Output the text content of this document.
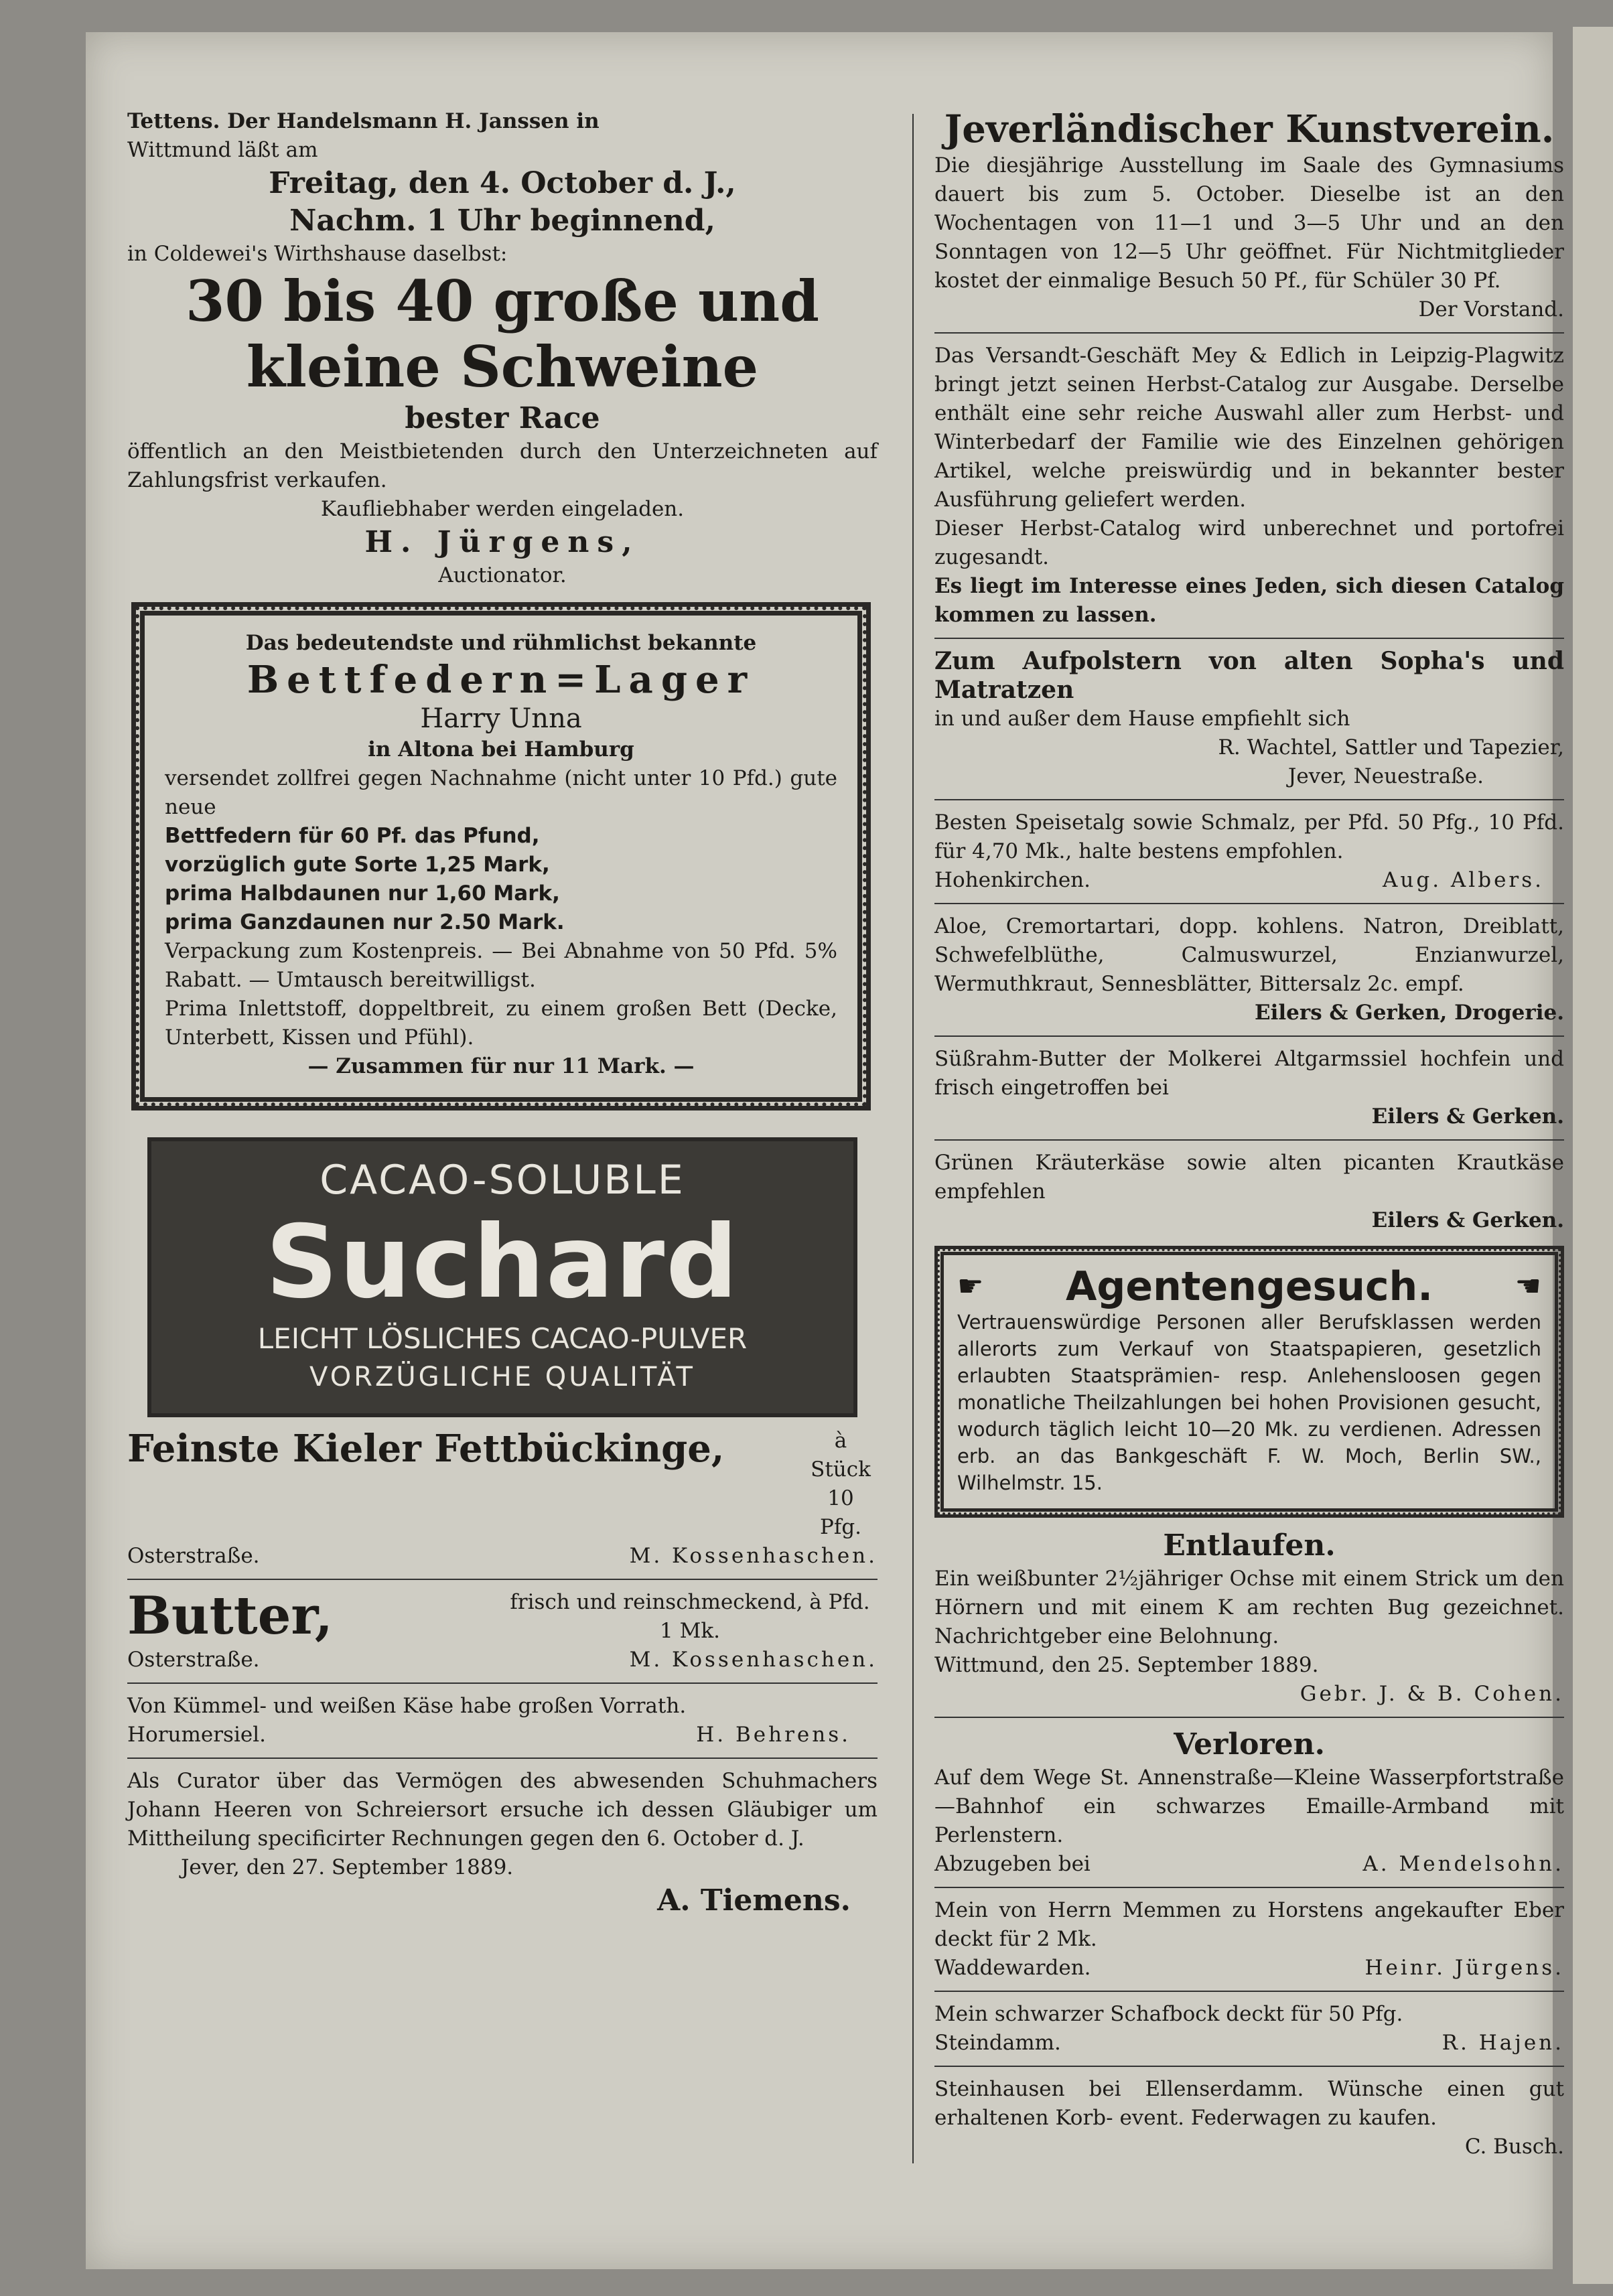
Tettens. Der Handelsmann H. Janssen in

Wittmund läßt am

Freitag, den 4. October d. J.,

Nachm. 1 Uhr beginnend,

in Coldewei's Wirthshause daselbst:

30 bis 40 große und

kleine Schweine

bester Race

öffentlich an den Meistbietenden durch den Unterzeichneten auf Zahlungsfrist verkaufen.

Kaufliebhaber werden eingeladen.

H. Jürgens,

Auctionator.

Das bedeutendste und rühmlichst bekannte

Bettfedern=Lager

Harry Unna

in Altona bei Hamburg

versendet zollfrei gegen Nachnahme (nicht unter 10 Pfd.) gute neue

Bettfedern für 60 Pf. das Pfund,

vorzüglich gute Sorte 1,25 Mark,

prima Halbdaunen nur 1,60 Mark,

prima Ganzdaunen nur 2.50 Mark.

Verpackung zum Kostenpreis. — Bei Abnahme von 50 Pfd. 5% Rabatt. — Umtausch bereitwilligst.

Prima Inlettstoff, doppeltbreit, zu einem großen Bett (Decke, Unterbett, Kissen und Pfühl).

— Zusammen für nur 11 Mark. —

CACAO-SOLUBLE
Suchard
LEICHT LÖSLICHES CACAO-PULVER
VORZÜGLICHE QUALITÄT
Feinste Kieler Fettbückinge,	à Stück 10 Pfg.
Osterstraße.	M. Kossenhaschen.
Butter,	frisch und reinschmeckend, à Pfd. 1 Mk.
Osterstraße.	M. Kossenhaschen.

Von Kümmel- und weißen Käse habe großen Vorrath.

Horumersiel.	H. Behrens.

Als Curator über das Vermögen des abwesenden Schuhmachers Johann Heeren von Schreiersort ersuche ich dessen Gläubiger um Mittheilung specificirter Rechnungen gegen den 6. October d. J.

Jever, den 27. September 1889.

A. Tiemens.

Jeverländischer Kunstverein.

Die diesjährige Ausstellung im Saale des Gymnasiums dauert bis zum 5. October. Dieselbe ist an den Wochentagen von 11—1 und 3—5 Uhr und an den Sonntagen von 12—5 Uhr geöffnet. Für Nichtmitglieder kostet der einmalige Besuch 50 Pf., für Schüler 30 Pf.

Der Vorstand.

Das Versandt-Geschäft Mey & Edlich in Leipzig-Plagwitz bringt jetzt seinen Herbst-Catalog zur Ausgabe. Derselbe enthält eine sehr reiche Auswahl aller zum Herbst- und Winterbedarf der Familie wie des Einzelnen gehörigen Artikel, welche preiswürdig und in bekannter bester Ausführung geliefert werden.

Dieser Herbst-Catalog wird unberechnet und portofrei zugesandt.

Es liegt im Interesse eines Jeden, sich diesen Catalog kommen zu lassen.

Zum Aufpolstern von alten Sopha's und Matratzen

in und außer dem Hause empfiehlt sich

R. Wachtel, Sattler und Tapezier,

Jever, Neuestraße.

Besten Speisetalg sowie Schmalz, per Pfd. 50 Pfg., 10 Pfd. für 4,70 Mk., halte bestens empfohlen.

Hohenkirchen.	Aug. Albers.

Aloe, Cremortartari, dopp. kohlens. Natron, Dreiblatt, Schwefelblüthe, Calmuswurzel, Enzianwurzel, Wermuthkraut, Sennesblätter, Bittersalz 2c. empf.

Eilers & Gerken, Drogerie.

Süßrahm-Butter der Molkerei Altgarmssiel hochfein und frisch eingetroffen bei

Eilers & Gerken.

Grünen Kräuterkäse sowie alten picanten Krautkäse empfehlen

Eilers & Gerken.

☛ Agentengesuch.	☚

Vertrauenswürdige Personen aller Berufsklassen werden allerorts zum Verkauf von Staatspapieren, gesetzlich erlaubten Staatsprämien- resp. Anlehensloosen gegen monatliche Theilzahlungen bei hohen Provisionen gesucht, wodurch täglich leicht 10—20 Mk. zu verdienen. Adressen erb. an das Bankgeschäft F. W. Moch, Berlin SW., Wilhelmstr. 15.

Entlaufen.

Ein weißbunter 2½jähriger Ochse mit einem Strick um den Hörnern und mit einem K am rechten Bug gezeichnet. Nachrichtgeber eine Belohnung.

Wittmund, den 25. September 1889.

Gebr. J. & B. Cohen.

Verloren.

Auf dem Wege St. Annenstraße—Kleine Wasserpfortstraße—Bahnhof ein schwarzes Emaille-Armband mit Perlenstern.

Abzugeben bei	A. Mendelsohn.

Mein von Herrn Memmen zu Horstens angekaufter Eber deckt für 2 Mk.

Waddewarden.	Heinr. Jürgens.

Mein schwarzer Schafbock deckt für 50 Pfg.

Steindamm.	R. Hajen.

Steinhausen bei Ellenserdamm. Wünsche einen gut erhaltenen Korb- event. Federwagen zu kaufen.

C. Busch.
